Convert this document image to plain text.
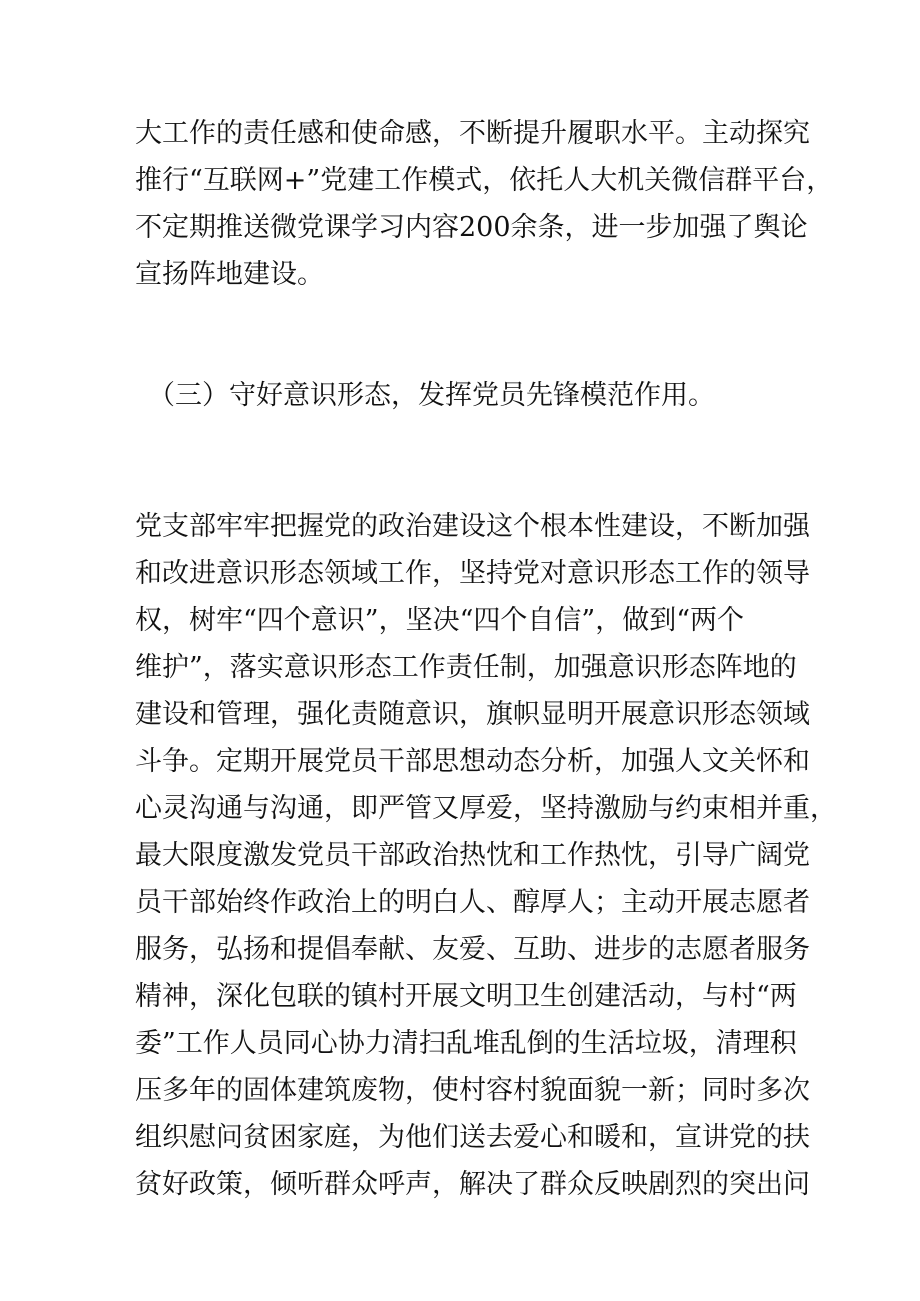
大工作的责任感和使命感，不断提升履职水平。主动探究
推行“互联网+”党建工作模式，依托人大机关微信群平台，
不定期推送微党课学习内容200余条，进一步加强了舆论
宣扬阵地建设。
（三）守好意识形态，发挥党员先锋模范作用。
党支部牢牢把握党的政治建设这个根本性建设，不断加强
和改进意识形态领域工作，坚持党对意识形态工作的领导
权，树牢“四个意识”，坚决“四个自信”，做到“两个
维护”，落实意识形态工作责任制，加强意识形态阵地的
建设和管理，强化责随意识，旗帜显明开展意识形态领域
斗争。定期开展党员干部思想动态分析，加强人文关怀和
心灵沟通与沟通，即严管又厚爱，坚持激励与约束相并重，
最大限度激发党员干部政治热忱和工作热忱，引导广阔党
员干部始终作政治上的明白人、醇厚人；主动开展志愿者
服务，弘扬和提倡奉献、友爱、互助、进步的志愿者服务
精神，深化包联的镇村开展文明卫生创建活动，与村“两
委”工作人员同心协力清扫乱堆乱倒的生活垃圾，清理积
压多年的固体建筑废物，使村容村貌面貌一新；同时多次
组织慰问贫困家庭，为他们送去爱心和暖和，宣讲党的扶
贫好政策，倾听群众呼声，解决了群众反映剧烈的突出问
